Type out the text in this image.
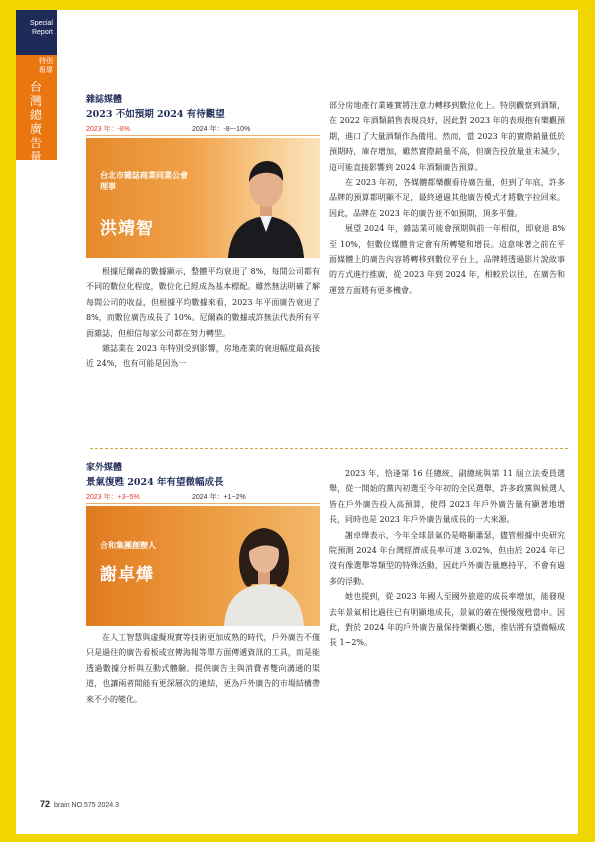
Special Report
特別報導
台灣總廣告量
雜誌媒體
2023 不如預期 2024 有待觀望
2023 年：-8%	2024 年：-8~-10%
台北市雜誌商業同業公會理事
洪靖智

根據尼爾森的數據顯示，整體平均衰退了 8%，每間公司都有不同的數位化程度，數位化已經成為基本標配。雖然無法明確了解每間公司的收益，但根據平均數據來看，2023 年平面廣告衰退了 8%，而數位廣告成長了 10%。尼爾森的數據或許無法代表所有平面雜誌，但相信每家公司都在努力轉型。

雜誌業在 2023 年特別受到影響，房地產業的衰退幅度最高接近 24%，也有可能是因為一

部分房地產行業確實將注意力轉移到數位化上。特別觀察到酒類，在 2022 年酒類銷售表現良好，因此對 2023 年的表現抱有樂觀預期，進口了大量酒類作為備用。然而，當 2023 年的實際銷量低於預期時，庫存增加，雖然實際銷量不高，但廣告投放量並未減少，這可能直接影響到 2024 年酒類廣告預算。

在 2023 年初，各媒體都樂觀看待廣告量，但到了年底，許多品牌的預算都明顯不足，最終通過其他廣告模式才將數字拉回來。因此，品牌在 2023 年的廣告並不如預期，頂多平盤。

展望 2024 年，雜誌業可能會預期與前一年相似，即衰退 8% 至 10%，但數位媒體肯定會有所轉變和增長。這意味著之前在平面媒體上的廣告內容將轉移到數位平台上，品牌將透過影片說故事的方式進行推廣，從 2023 年到 2024 年，相較於以往，在廣告和運營方面將有更多機會。

家外媒體
景氣復甦 2024 年有望微幅成長
2023 年：+3~5%	2024 年：+1~2%
合和集團創辦人
謝卓燁

在人工智慧與虛擬現實等技術更加成熟的時代，戶外廣告不僅只是過往的廣告看板或宣傳海報等單方面傳遞資訊的工具，而是能透過數據分析與互動式體驗。提供廣告主與消費者雙向溝通的渠道，也讓兩者間能有更深層次的連結，更為戶外廣告的市場結構帶來不小的變化。

2023 年，恰逢第 16 任總統、副總統與第 11 屆立法委員選舉，從一開始的黨內初選至今年初的全民選舉，許多政黨與候選人皆在戶外廣告投入高預算，使得 2023 年戶外廣告量有顯著地增長，同時也是 2023 年戶外廣告量成長的一大來源。

謝卓燁表示，今年全球景氣仍是略顯蕭瑟，儘管根據中央研究院預測 2024 年台灣經濟成長率可達 3.02%，但由於 2024 年已沒有像選舉等類型的特殊活動，因此戶外廣告量應持平，不會有過多的浮動。

她也提到，從 2023 年國人至國外旅遊的成長率增加，能發現去年景氣相比過往已有明顯地成長，景氣的確在慢慢復甦當中。因此，對於 2024 年的戶外廣告量保持樂觀心態，推估將有望微幅成長 1~2%。

72 brain NO.575 2024.3
